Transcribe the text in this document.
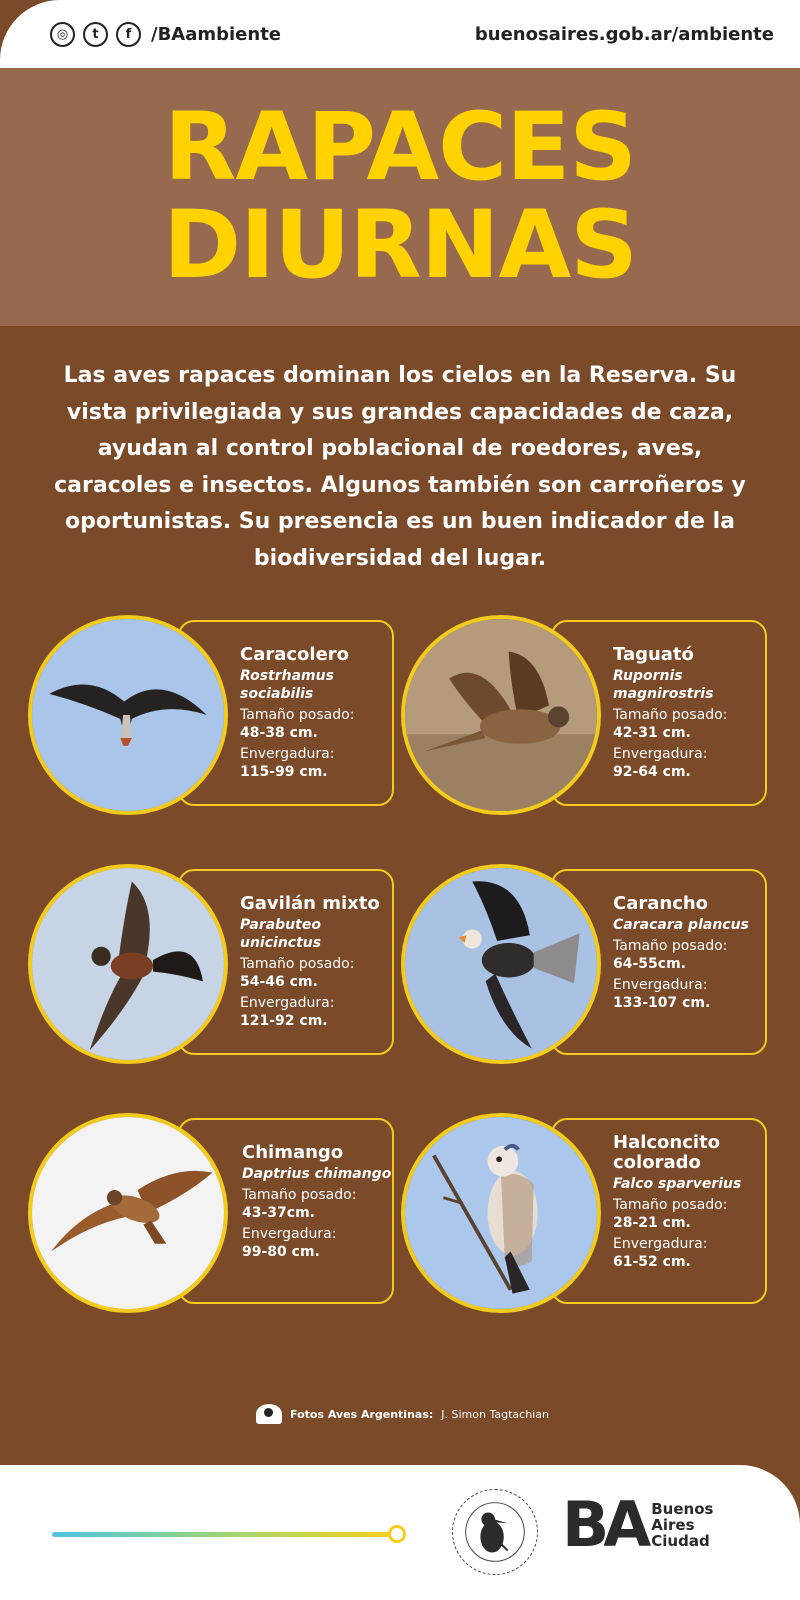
◎	t	f	/BAambiente	buenosaires.gob.ar/ambiente
RAPACES
DIURNAS

Las aves rapaces dominan los cielos en la Reserva. Su vista privilegiada y sus grandes capacidades de caza, ayudan al control poblacional de roedores, aves, caracoles e insectos. Algunos también son carroñeros y oportunistas. Su presencia es un buen indicador de la biodiversidad del lugar.

Caracolero
Rostrhamus sociabilis
Tamaño posado:
48-38 cm.
Envergadura:
115-99 cm.
Taguató
Rupornis magnirostris
Tamaño posado:
42-31 cm.
Envergadura:
92-64 cm.
Gavilán mixto
Parabuteo unicinctus
Tamaño posado:
54-46 cm.
Envergadura:
121-92 cm.
Carancho
Caracara plancus
Tamaño posado:
64-55cm.
Envergadura:
133-107 cm.
Chimango
Daptrius chimango
Tamaño posado:
43-37cm.
Envergadura:
99-80 cm.
Halconcito colorado
Falco sparverius
Tamaño posado:
28-21 cm.
Envergadura:
61-52 cm.
Fotos Aves Argentinas: J. Simon Tagtachian
BA Buenos
Aires
Ciudad
